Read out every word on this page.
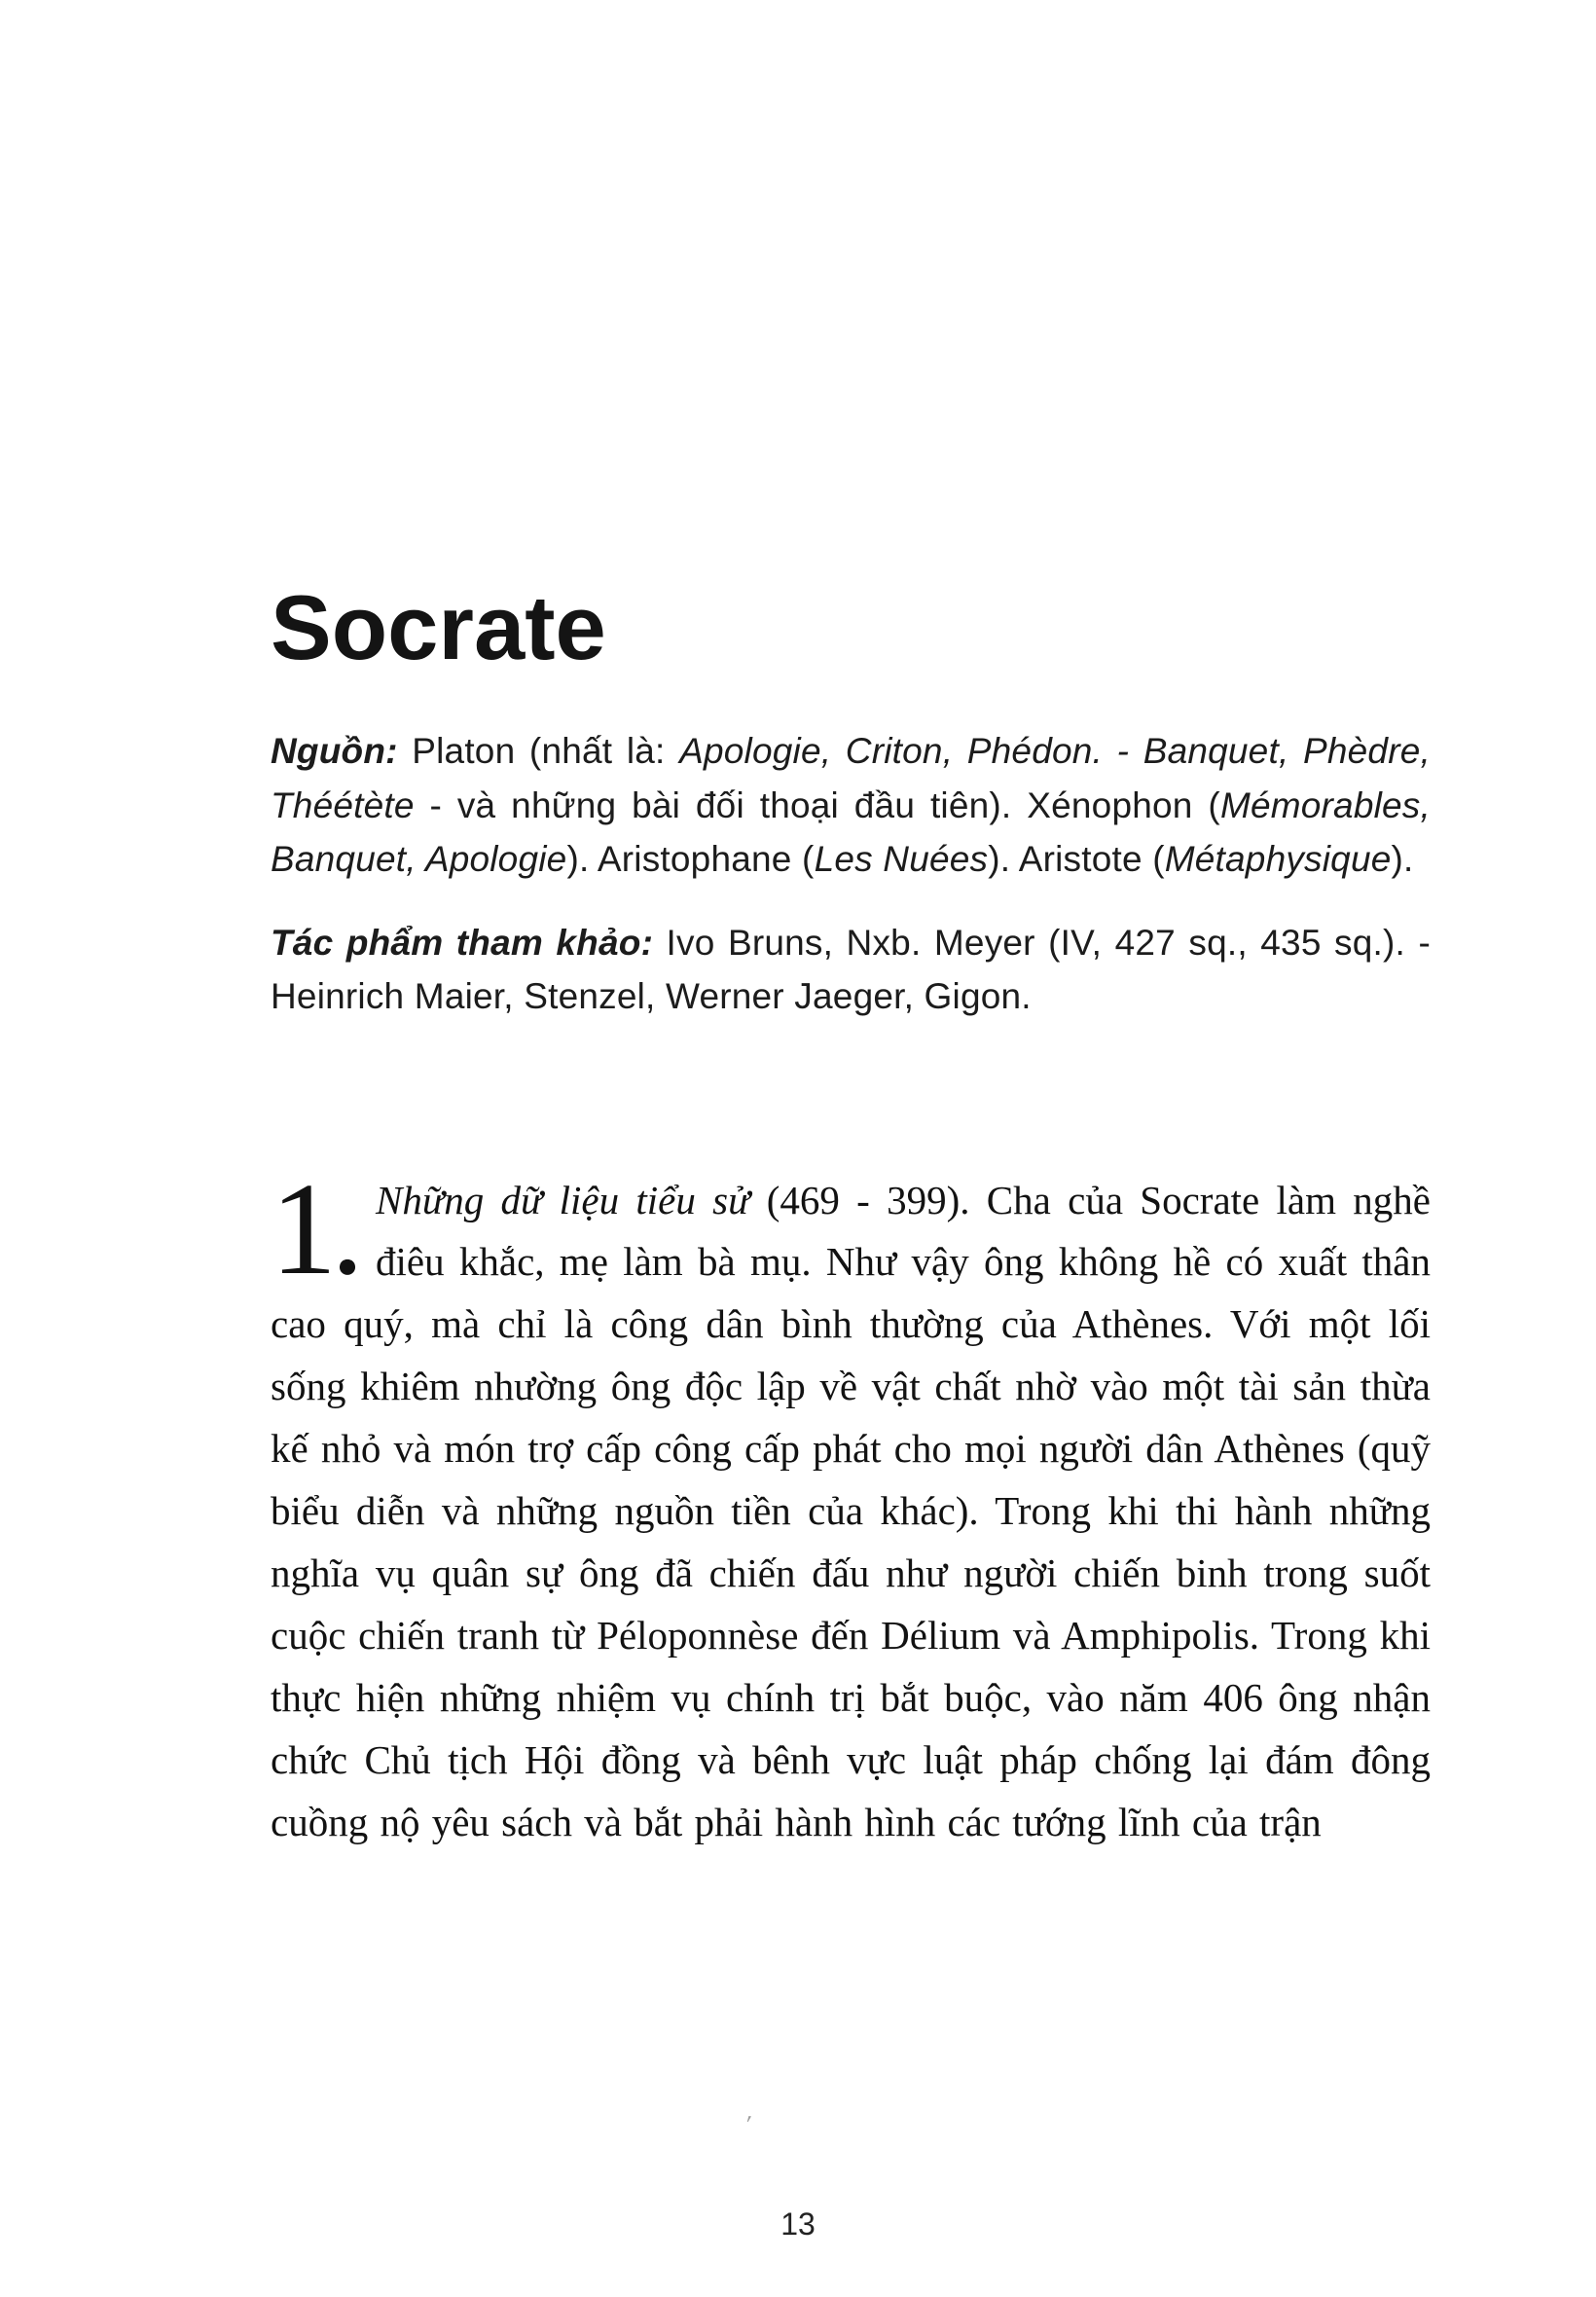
Socrate

Nguồn: Platon (nhất là: Apologie, Criton, Phédon. - Banquet, Phèdre, Théétète - và những bài đối thoại đầu tiên). Xénophon (Mémorables, Banquet, Apologie). Aristophane (Les Nuées). Aristote (Métaphysique).

Tác phẩm tham khảo: Ivo Bruns, Nxb. Meyer (IV, 427 sq., 435 sq.). - Heinrich Maier, Stenzel, Werner Jaeger, Gigon.

1. Những dữ liệu tiểu sử (469 - 399). Cha của Socrate làm nghề điêu khắc, mẹ làm bà mụ. Như vậy ông không hề có xuất thân cao quý, mà chỉ là công dân bình thường của Athènes. Với một lối sống khiêm nhường ông độc lập về vật chất nhờ vào một tài sản thừa kế nhỏ và món trợ cấp công cấp phát cho mọi người dân Athènes (quỹ biểu diễn và những nguồn tiền của khác). Trong khi thi hành những nghĩa vụ quân sự ông đã chiến đấu như người chiến binh trong suốt cuộc chiến tranh từ Péloponnèse đến Délium và Amphipolis. Trong khi thực hiện những nhiệm vụ chính trị bắt buộc, vào năm 406 ông nhận chức Chủ tịch Hội đồng và bênh vực luật pháp chống lại đám đông cuồng nộ yêu sách và bắt phải hành hình các tướng lĩnh của trận
′
13
